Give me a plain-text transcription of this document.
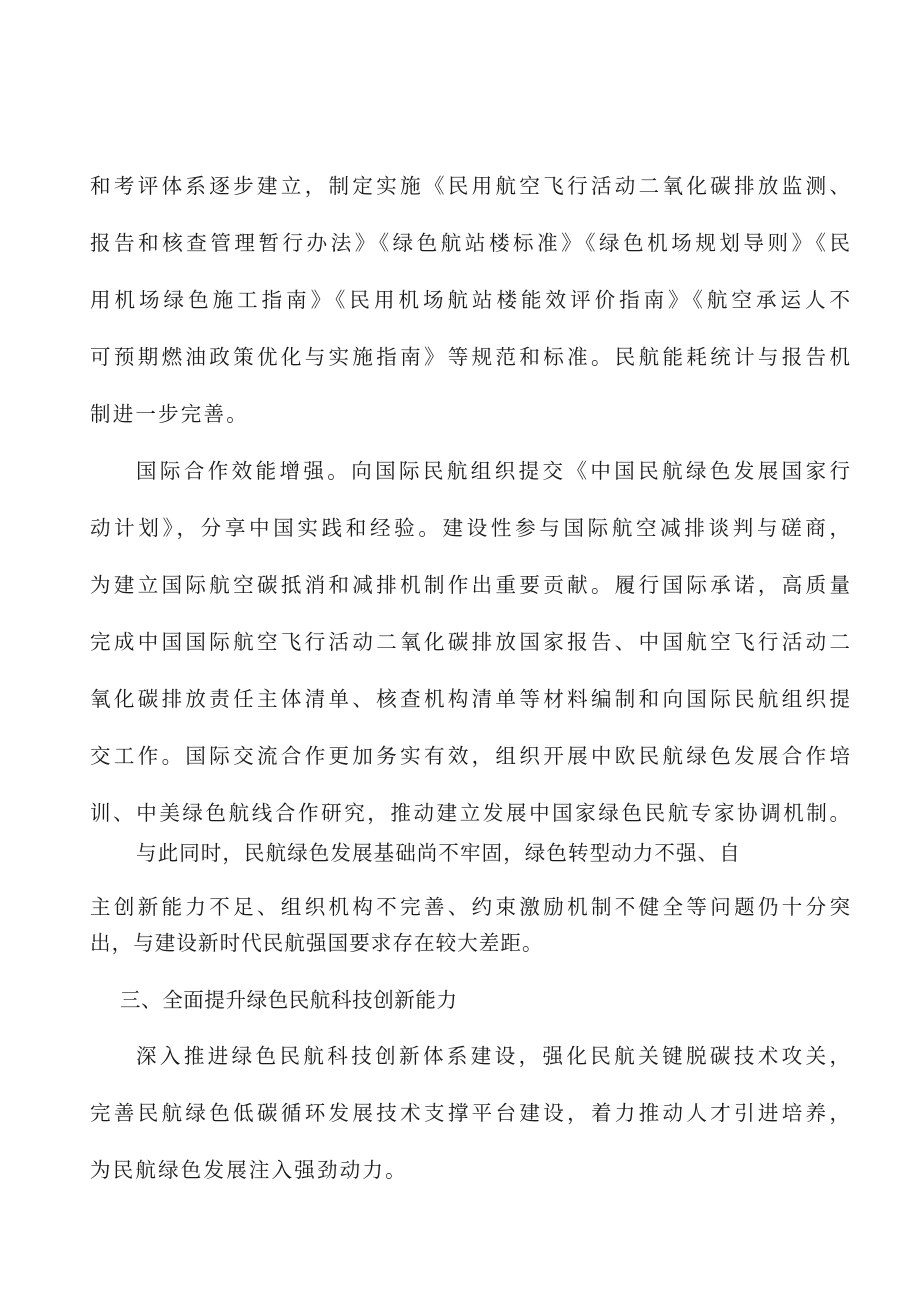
和考评体系逐步建立，制定实施《民用航空飞行活动二氧化碳排放监测、
报告和核查管理暂行办法》《绿色航站楼标准》《绿色机场规划导则》《民
用机场绿色施工指南》《民用机场航站楼能效评价指南》《航空承运人不
可预期燃油政策优化与实施指南》等规范和标准。民航能耗统计与报告机
制进一步完善。
国际合作效能增强。向国际民航组织提交《中国民航绿色发展国家行
动计划》，分享中国实践和经验。建设性参与国际航空减排谈判与磋商，
为建立国际航空碳抵消和减排机制作出重要贡献。履行国际承诺，高质量
完成中国国际航空飞行活动二氧化碳排放国家报告、中国航空飞行活动二
氧化碳排放责任主体清单、核查机构清单等材料编制和向国际民航组织提
交工作。国际交流合作更加务实有效，组织开展中欧民航绿色发展合作培
训、中美绿色航线合作研究，推动建立发展中国家绿色民航专家协调机制。
与此同时，民航绿色发展基础尚不牢固，绿色转型动力不强、自
主创新能力不足、组织机构不完善、约束激励机制不健全等问题仍十分突
出，与建设新时代民航强国要求存在较大差距。
三、全面提升绿色民航科技创新能力
深入推进绿色民航科技创新体系建设，强化民航关键脱碳技术攻关，
完善民航绿色低碳循环发展技术支撑平台建设，着力推动人才引进培养，
为民航绿色发展注入强劲动力。
